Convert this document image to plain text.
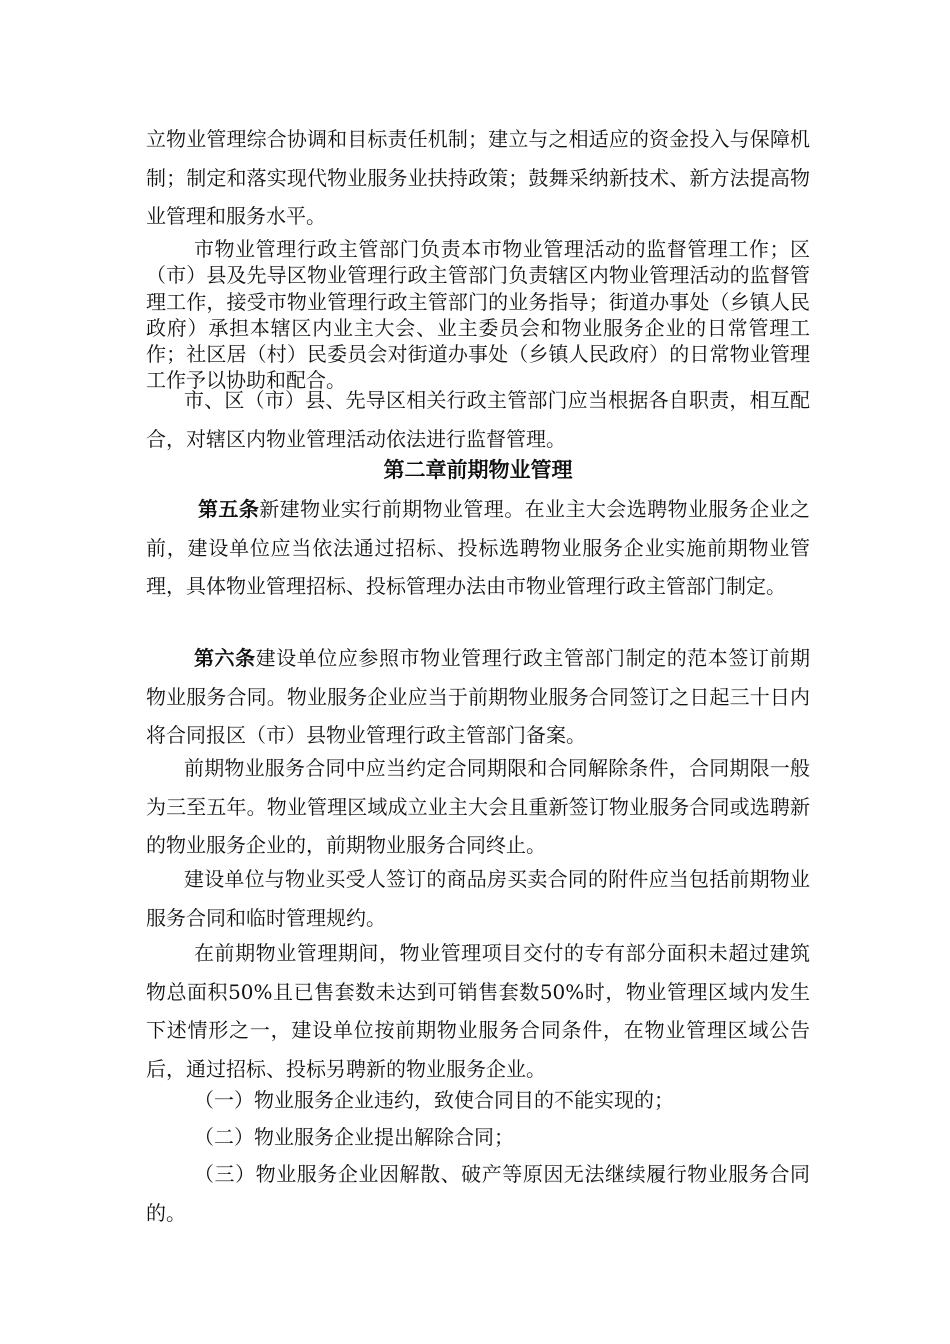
立物业管理综合协调和目标责任机制；建立与之相适应的资金投入与保障机制；制定和落实现代物业服务业扶持政策；鼓舞采纳新技术、新方法提高物业管理和服务水平。

市物业管理行政主管部门负责本市物业管理活动的监督管理工作；区（市）县及先导区物业管理行政主管部门负责辖区内物业管理活动的监督管理工作，接受市物业管理行政主管部门的业务指导；街道办事处（乡镇人民政府）承担本辖区内业主大会、业主委员会和物业服务企业的日常管理工作；社区居（村）民委员会对街道办事处（乡镇人民政府）的日常物业管理工作予以协助和配合。

市、区（市）县、先导区相关行政主管部门应当根据各自职责，相互配合，对辖区内物业管理活动依法进行监督管理。

第二章前期物业管理

第五条新建物业实行前期物业管理。在业主大会选聘物业服务企业之前，建设单位应当依法通过招标、投标选聘物业服务企业实施前期物业管理，具体物业管理招标、投标管理办法由市物业管理行政主管部门制定。

第六条建设单位应参照市物业管理行政主管部门制定的范本签订前期物业服务合同。物业服务企业应当于前期物业服务合同签订之日起三十日内将合同报区（市）县物业管理行政主管部门备案。

前期物业服务合同中应当约定合同期限和合同解除条件，合同期限一般为三至五年。物业管理区域成立业主大会且重新签订物业服务合同或选聘新的物业服务企业的，前期物业服务合同终止。

建设单位与物业买受人签订的商品房买卖合同的附件应当包括前期物业服务合同和临时管理规约。

在前期物业管理期间，物业管理项目交付的专有部分面积未超过建筑物总面积50%且已售套数未达到可销售套数50%时，物业管理区域内发生下述情形之一，建设单位按前期物业服务合同条件，在物业管理区域公告后，通过招标、投标另聘新的物业服务企业。

（一）物业服务企业违约，致使合同目的不能实现的；

（二）物业服务企业提出解除合同；

（三）物业服务企业因解散、破产等原因无法继续履行物业服务合同的。
